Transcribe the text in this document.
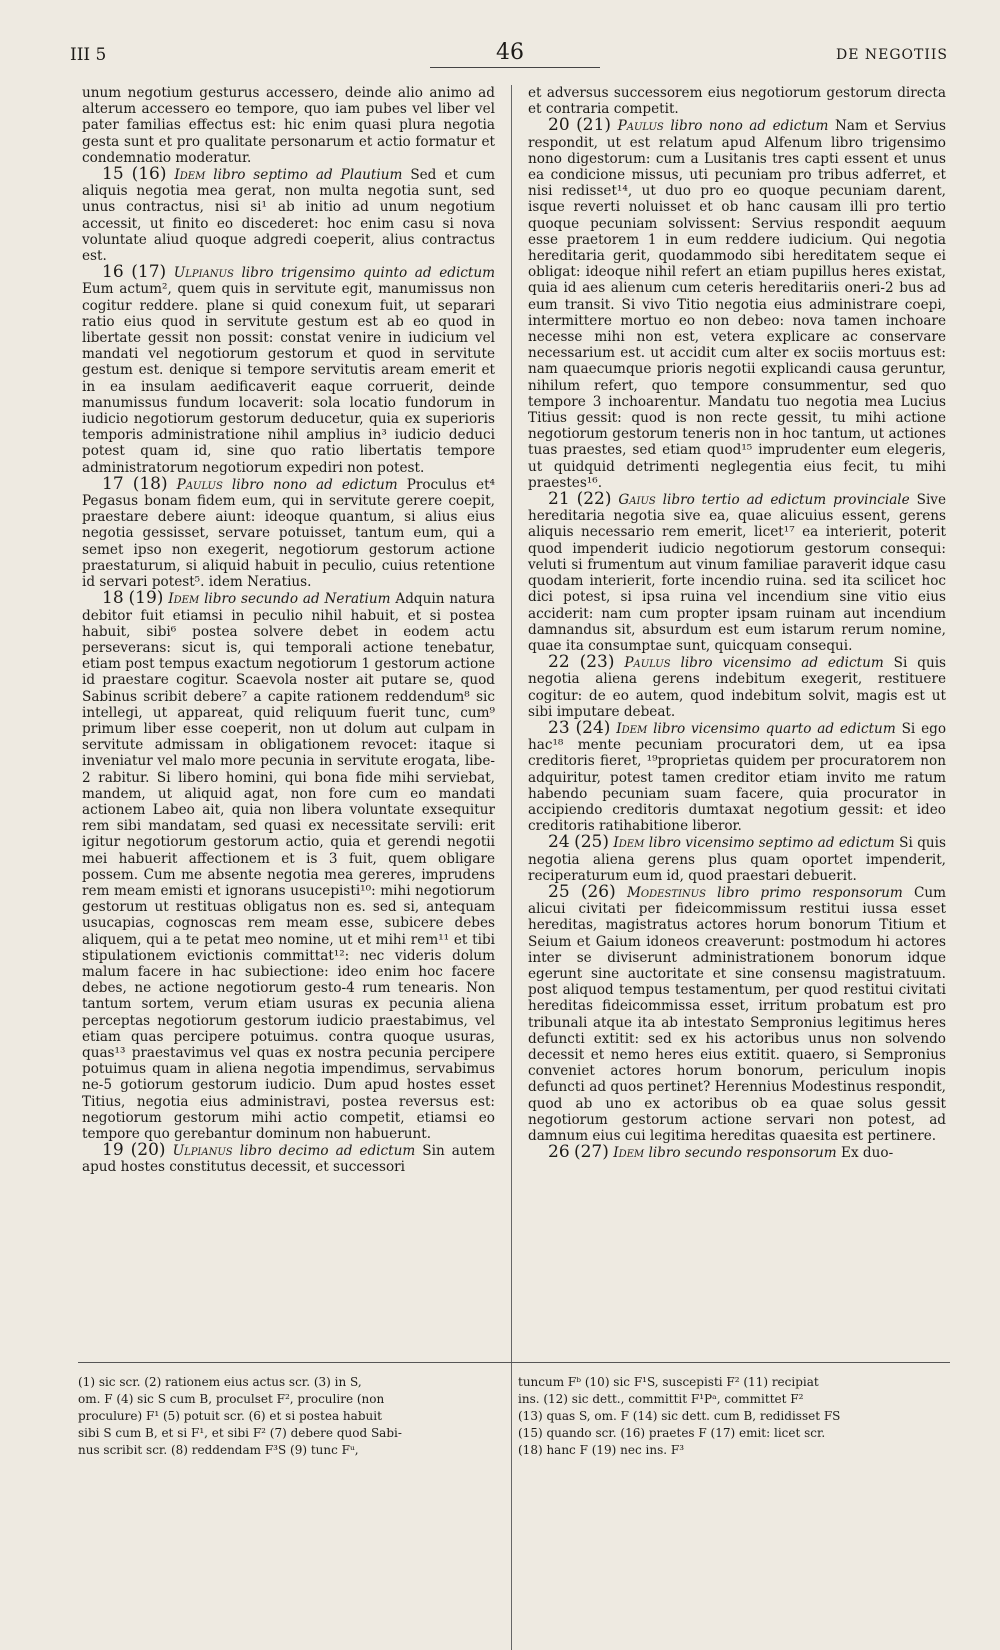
III 5	46	DE NEGOTIIS

unum negotium gesturus accessero, deinde alio animo ad alterum accessero eo tempore, quo iam pubes vel liber vel pater familias effectus est: hic enim quasi plura negotia gesta sunt et pro qualitate personarum et actio formatur et condemnatio moderatur.

15 (16) Idem libro septimo ad Plautium Sed et cum aliquis negotia mea gerat, non multa negotia sunt, sed unus contractus, nisi si¹ ab initio ad unum negotium accessit, ut finito eo discederet: hoc enim casu si nova voluntate aliud quoque adgredi coeperit, alius contractus est.

16 (17) Ulpianus libro trigensimo quinto ad edictum Eum actum², quem quis in servitute egit, manumissus non cogitur reddere. plane si quid conexum fuit, ut separari ratio eius quod in servitute gestum est ab eo quod in libertate gessit non possit: constat venire in iudicium vel mandati vel negotiorum gestorum et quod in servitute gestum est. denique si tempore servitutis aream emerit et in ea insulam aedificaverit eaque corruerit, deinde manumissus fundum locaverit: sola locatio fundorum in iudicio negotiorum gestorum deducetur, quia ex superioris temporis administratione nihil amplius in³ iudicio deduci potest quam id, sine quo ratio libertatis tempore administratorum negotiorum expediri non potest.

17 (18) Paulus libro nono ad edictum Proculus et⁴ Pegasus bonam fidem eum, qui in servitute gerere coepit, praestare debere aiunt: ideoque quantum, si alius eius negotia gessisset, servare potuisset, tantum eum, qui a semet ipso non exegerit, negotiorum gestorum actione praestaturum, si aliquid habuit in peculio, cuius retentione id servari potest⁵. idem Neratius.

18 (19) Idem libro secundo ad Neratium Adquin natura debitor fuit etiamsi in peculio nihil habuit, et si postea habuit, sibi⁶ postea solvere debet in eodem actu perseverans: sicut is, qui temporali actione tenebatur, etiam post tempus exactum negotiorum 1 gestorum actione id praestare cogitur. Scaevola noster ait putare se, quod Sabinus scribit debere⁷ a capite rationem reddendum⁸ sic intellegi, ut appareat, quid reliquum fuerit tunc, cum⁹ primum liber esse coeperit, non ut dolum aut culpam in servitute admissam in obligationem revocet: itaque si inveniatur vel malo more pecunia in servitute erogata, libe-2 rabitur. Si libero homini, qui bona fide mihi serviebat, mandem, ut aliquid agat, non fore cum eo mandati actionem Labeo ait, quia non libera voluntate exsequitur rem sibi mandatam, sed quasi ex necessitate servili: erit igitur negotiorum gestorum actio, quia et gerendi negotii mei habuerit affectionem et is 3 fuit, quem obligare possem. Cum me absente negotia mea gereres, imprudens rem meam emisti et ignorans usucepisti¹⁰: mihi negotiorum gestorum ut restituas obligatus non es. sed si, antequam usucapias, cognoscas rem meam esse, subicere debes aliquem, qui a te petat meo nomine, ut et mihi rem¹¹ et tibi stipulationem evictionis committat¹²: nec videris dolum malum facere in hac subiectione: ideo enim hoc facere debes, ne actione negotiorum gesto-4 rum tenearis. Non tantum sortem, verum etiam usuras ex pecunia aliena perceptas negotiorum gestorum iudicio praestabimus, vel etiam quas percipere potuimus. contra quoque usuras, quas¹³ praestavimus vel quas ex nostra pecunia percipere potuimus quam in aliena negotia impendimus, servabimus ne-5 gotiorum gestorum iudicio. Dum apud hostes esset Titius, negotia eius administravi, postea reversus est: negotiorum gestorum mihi actio competit, etiamsi eo tempore quo gerebantur dominum non habuerunt.

19 (20) Ulpianus libro decimo ad edictum Sin autem apud hostes constitutus decessit, et successori

et adversus successorem eius negotiorum gestorum directa et contraria competit.

20 (21) Paulus libro nono ad edictum Nam et Servius respondit, ut est relatum apud Alfenum libro trigensimo nono digestorum: cum a Lusitanis tres capti essent et unus ea condicione missus, uti pecuniam pro tribus adferret, et nisi redisset¹⁴, ut duo pro eo quoque pecuniam darent, isque reverti noluisset et ob hanc causam illi pro tertio quoque pecuniam solvissent: Servius respondit aequum esse praetorem 1 in eum reddere iudicium. Qui negotia hereditaria gerit, quodammodo sibi hereditatem seque ei obligat: ideoque nihil refert an etiam pupillus heres existat, quia id aes alienum cum ceteris hereditariis oneri-2 bus ad eum transit. Si vivo Titio negotia eius administrare coepi, intermittere mortuo eo non debeo: nova tamen inchoare necesse mihi non est, vetera explicare ac conservare necessarium est. ut accidit cum alter ex sociis mortuus est: nam quaecumque prioris negotii explicandi causa geruntur, nihilum refert, quo tempore consummentur, sed quo tempore 3 inchoarentur. Mandatu tuo negotia mea Lucius Titius gessit: quod is non recte gessit, tu mihi actione negotiorum gestorum teneris non in hoc tantum, ut actiones tuas praestes, sed etiam quod¹⁵ imprudenter eum elegeris, ut quidquid detrimenti neglegentia eius fecit, tu mihi praestes¹⁶.

21 (22) Gaius libro tertio ad edictum provinciale Sive hereditaria negotia sive ea, quae alicuius essent, gerens aliquis necessario rem emerit, licet¹⁷ ea interierit, poterit quod impenderit iudicio negotiorum gestorum consequi: veluti si frumentum aut vinum familiae paraverit idque casu quodam interierit, forte incendio ruina. sed ita scilicet hoc dici potest, si ipsa ruina vel incendium sine vitio eius acciderit: nam cum propter ipsam ruinam aut incendium damnandus sit, absurdum est eum istarum rerum nomine, quae ita consumptae sunt, quicquam consequi.

22 (23) Paulus libro vicensimo ad edictum Si quis negotia aliena gerens indebitum exegerit, restituere cogitur: de eo autem, quod indebitum solvit, magis est ut sibi imputare debeat.

23 (24) Idem libro vicensimo quarto ad edictum Si ego hac¹⁸ mente pecuniam procuratori dem, ut ea ipsa creditoris fieret, ¹⁹proprietas quidem per procuratorem non adquiritur, potest tamen creditor etiam invito me ratum habendo pecuniam suam facere, quia procurator in accipiendo creditoris dumtaxat negotium gessit: et ideo creditoris ratihabitione liberor.

24 (25) Idem libro vicensimo septimo ad edictum Si quis negotia aliena gerens plus quam oportet impenderit, reciperaturum eum id, quod praestari debuerit.

25 (26) Modestinus libro primo responsorum Cum alicui civitati per fideicommissum restitui iussa esset hereditas, magistratus actores horum bonorum Titium et Seium et Gaium idoneos creaverunt: postmodum hi actores inter se diviserunt administrationem bonorum idque egerunt sine auctoritate et sine consensu magistratuum. post aliquod tempus testamentum, per quod restitui civitati hereditas fideicommissa esset, irritum probatum est pro tribunali atque ita ab intestato Sempronius legitimus heres defuncti extitit: sed ex his actoribus unus non solvendo decessit et nemo heres eius extitit. quaero, si Sempronius conveniet actores horum bonorum, periculum inopis defuncti ad quos pertinet? Herennius Modestinus respondit, quod ab uno ex actoribus ob ea quae solus gessit negotiorum gestorum actione servari non potest, ad damnum eius cui legitima hereditas quaesita est pertinere.

26 (27) Idem libro secundo responsorum Ex duo-

(1) sic scr. (2) rationem eius actus scr. (3) in S,
om. F (4) sic S cum B, proculset F², proculire (non
proculure) F¹ (5) potuit scr. (6) et si postea habuit
sibi S cum B, et si F¹, et sibi F² (7) debere quod Sabi-
nus scribit scr. (8) reddendam F³S (9) tunc Fᵘ,
tuncum Fᵇ (10) sic F¹S, suscepisti F² (11) recipiat
ins. (12) sic dett., committit F¹Pᵃ, committet F²
(13) quas S, om. F (14) sic dett. cum B, redidisset FS
(15) quando scr. (16) praetes F (17) emit: licet scr.
(18) hanc F (19) nec ins. F³
